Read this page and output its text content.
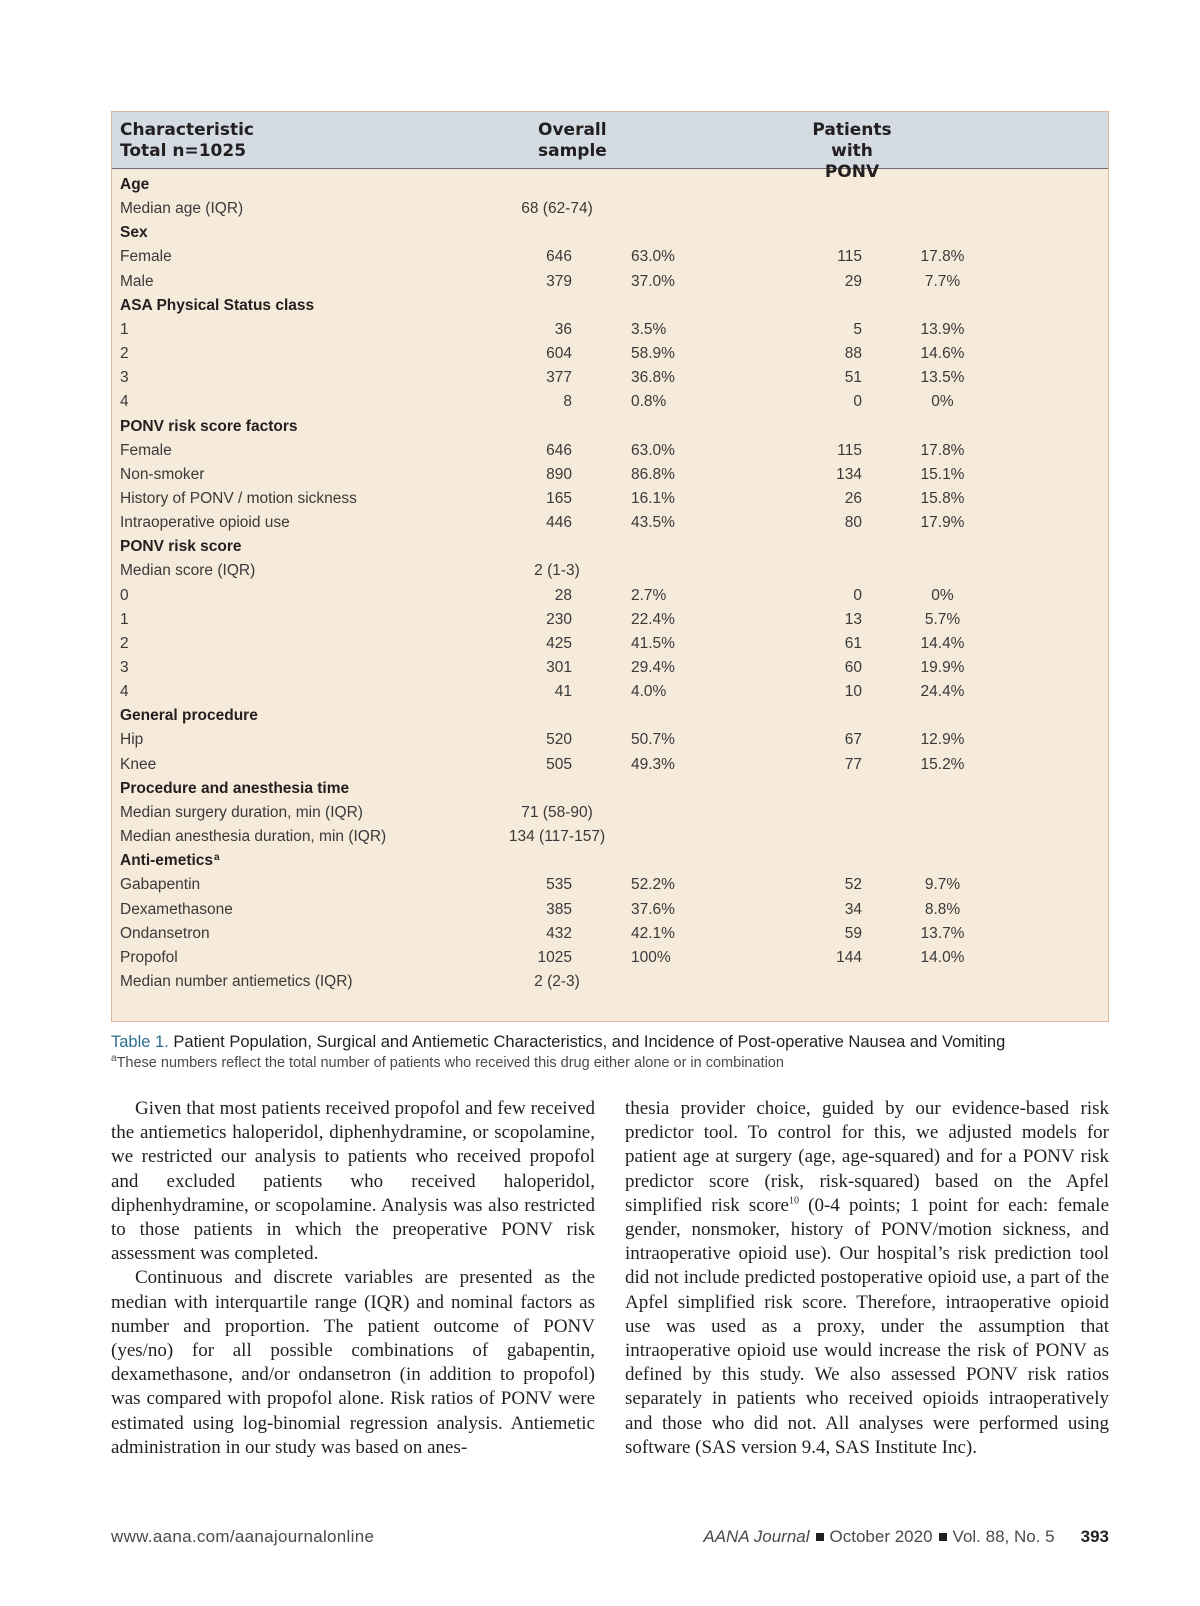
Characteristic
Total n=1025
Overall
sample
Patients
with PONV
Age
Median age (IQR)	68 (62-74)
Sex
Female	646	63.0%	115	17.8%
Male	379	37.0%	29	7.7%
ASA Physical Status class
1	36	3.5%	5	13.9%
2	604	58.9%	88	14.6%
3	377	36.8%	51	13.5%
4	8	0.8%	0	0%
PONV risk score factors
Female	646	63.0%	115	17.8%
Non-smoker	890	86.8%	134	15.1%
History of PONV / motion sickness	165	16.1%	26	15.8%
Intraoperative opioid use	446	43.5%	80	17.9%
PONV risk score
Median score (IQR)	2 (1-3)
0	28	2.7%	0	0%
1	230	22.4%	13	5.7%
2	425	41.5%	61	14.4%
3	301	29.4%	60	19.9%
4	41	4.0%	10	24.4%
General procedure
Hip	520	50.7%	67	12.9%
Knee	505	49.3%	77	15.2%
Procedure and anesthesia time
Median surgery duration, min (IQR)	71 (58-90)
Median anesthesia duration, min (IQR)	134 (117-157)
Anti-emetics a
Gabapentin	535	52.2%	52	9.7%
Dexamethasone	385	37.6%	34	8.8%
Ondansetron	432	42.1%	59	13.7%
Propofol	1025	100%	144	14.0%
Median number antiemetics (IQR)	2 (2-3)
Table 1. Patient Population, Surgical and Antiemetic Characteristics, and Incidence of Post-operative Nausea and Vomiting
$^a$These numbers reflect the total number of patients who received this drug either alone or in combination

Given that most patients received propofol and few received the antiemetics haloperidol, diphenhydramine, or scopolamine, we restricted our analysis to patients who received propofol and excluded patients who received haloperidol, diphenhydramine, or scopolamine. Analysis was also restricted to those patients in which the preoperative PONV risk assessment was completed.

Continuous and discrete variables are presented as the median with interquartile range (IQR) and nominal factors as number and proportion. The patient outcome of PONV (yes/no) for all possible combinations of gabapentin, dexamethasone, and/or ondansetron (in addition to propofol) was compared with propofol alone. Risk ratios of PONV were estimated using log-binomial regression analysis. Antiemetic administration in our study was based on anes-

thesia provider choice, guided by our evidence-based risk predictor tool. To control for this, we adjusted models for patient age at surgery (age, age-squared) and for a PONV risk predictor score (risk, risk-squared) based on the Apfel simplified risk score$^{10}$ (0-4 points; 1 point for each: female gender, nonsmoker, history of PONV/motion sickness, and intraoperative opioid use). Our hospital’s risk prediction tool did not include predicted postoperative opioid use, a part of the Apfel simplified risk score. Therefore, intraoperative opioid use was used as a proxy, under the assumption that intraoperative opioid use would increase the risk of PONV as defined by this study. We also assessed PONV risk ratios separately in patients who received opioids intraoperatively and those who did not. All analyses were performed using software (SAS version 9.4, SAS Institute Inc).

www.aana.com/aanajournalonline	AANA Journal October 2020 Vol. 88, No. 5 393
